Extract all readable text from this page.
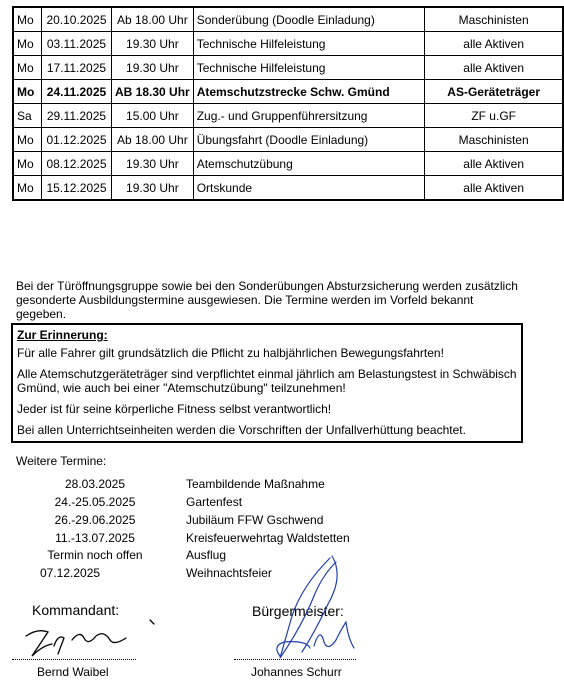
Mo	20.10.2025	Ab 18.00 Uhr	Sonderübung (Doodle Einladung)	Maschinisten
Mo	03.11.2025	19.30 Uhr	Technische Hilfeleistung	alle Aktiven
Mo	17.11.2025	19.30 Uhr	Technische Hilfeleistung	alle Aktiven
Mo	24.11.2025	AB 18.30 Uhr	Atemschutzstrecke Schw. Gmünd	AS-Geräteträger
Sa	29.11.2025	15.00 Uhr	Zug.- und Gruppenführersitzung	ZF u.GF
Mo	01.12.2025	Ab 18.00 Uhr	Übungsfahrt (Doodle Einladung)	Maschinisten
Mo	08.12.2025	19.30 Uhr	Atemschutzübung	alle Aktiven
Mo	15.12.2025	19.30 Uhr	Ortskunde	alle Aktiven
Bei der Türöffnungsgruppe sowie bei den Sonderübungen Absturzsicherung werden zusätzlich gesonderte Ausbildungstermine ausgewiesen. Die Termine werden im Vorfeld bekannt gegeben.
Zur Erinnerung:

Für alle Fahrer gilt grundsätzlich die Pflicht zu halbjährlichen Bewegungsfahrten!

Alle Atemschutzgeräteträger sind verpflichtet einmal jährlich am Belastungstest in Schwäbisch Gmünd, wie auch bei einer "Atemschutzübung" teilzunehmen!

Jeder ist für seine körperliche Fitness selbst verantwortlich!

Bei allen Unterrichtseinheiten werden die Vorschriften der Unfallverhüttung beachtet.

Weitere Termine:
28.03.2025	Teambildende Maßnahme
24.-25.05.2025	Gartenfest
26.-29.06.2025	Jubiläum FFW Gschwend
11.-13.07.2025	Kreisfeuerwehrtag Waldstetten
Termin noch offen	Ausflug
07.12.2025	Weihnachtsfeier
Kommandant:	Bürgermeister:
Bernd Waibel	Johannes Schurr
